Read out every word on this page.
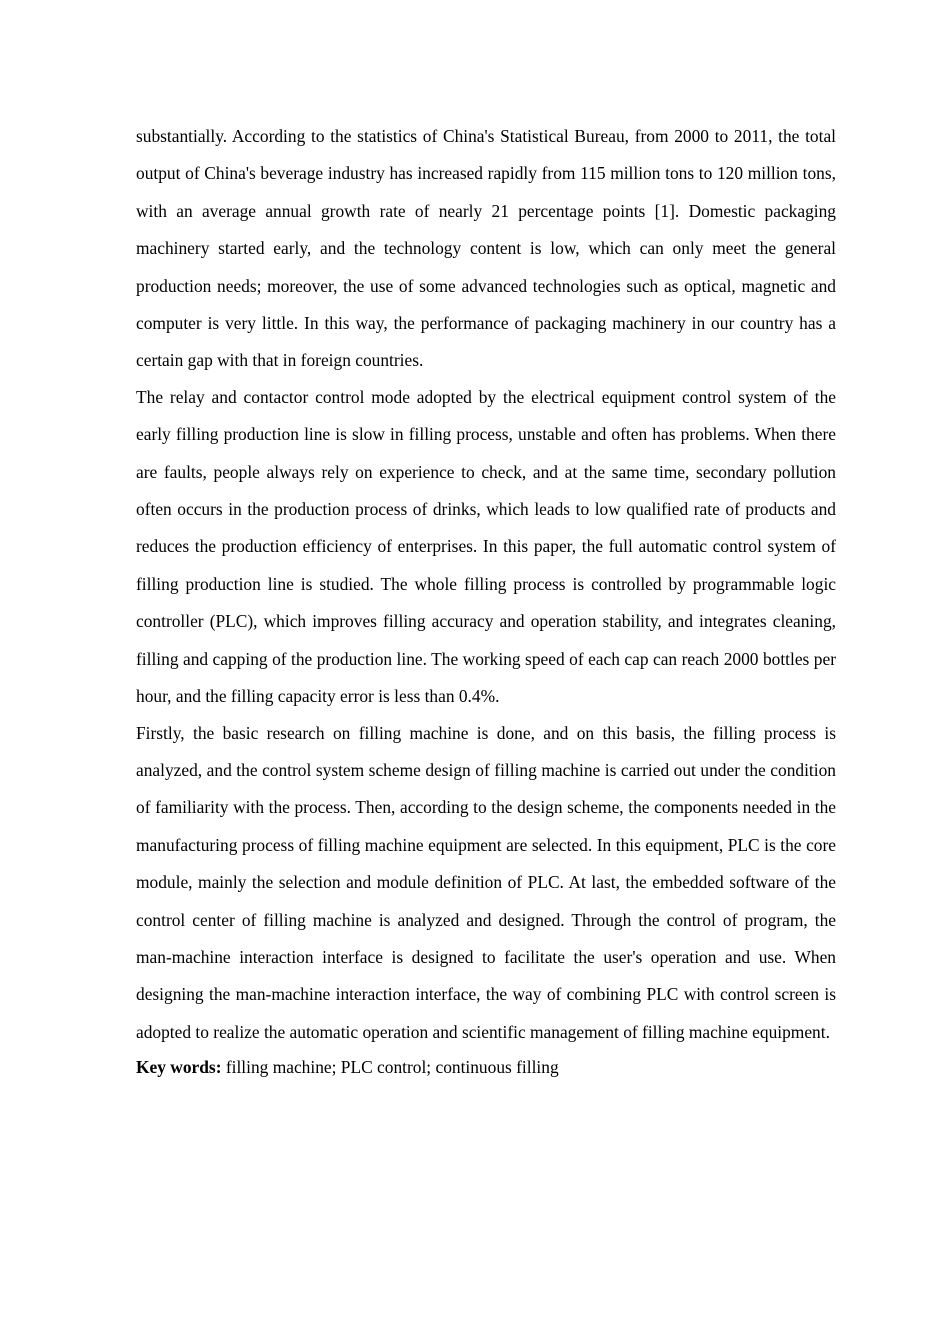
substantially. According to the statistics of China's Statistical Bureau, from 2000 to 2011, the total output of China's beverage industry has increased rapidly from 115 million tons to 120 million tons, with an average annual growth rate of nearly 21 percentage points [1]. Domestic packaging machinery started early, and the technology content is low, which can only meet the general production needs; moreover, the use of some advanced technologies such as optical, magnetic and computer is very little. In this way, the performance of packaging machinery in our country has a certain gap with that in foreign countries.

The relay and contactor control mode adopted by the electrical equipment control system of the early filling production line is slow in filling process, unstable and often has problems. When there are faults, people always rely on experience to check, and at the same time, secondary pollution often occurs in the production process of drinks, which leads to low qualified rate of products and reduces the production efficiency of enterprises. In this paper, the full automatic control system of filling production line is studied. The whole filling process is controlled by programmable logic controller (PLC), which improves filling accuracy and operation stability, and integrates cleaning, filling and capping of the production line. The working speed of each cap can reach 2000 bottles per hour, and the filling capacity error is less than 0.4%.

Firstly, the basic research on filling machine is done, and on this basis, the filling process is analyzed, and the control system scheme design of filling machine is carried out under the condition of familiarity with the process. Then, according to the design scheme, the components needed in the manufacturing process of filling machine equipment are selected. In this equipment, PLC is the core module, mainly the selection and module definition of PLC. At last, the embedded software of the control center of filling machine is analyzed and designed. Through the control of program, the man-machine interaction interface is designed to facilitate the user's operation and use. When designing the man-machine interaction interface, the way of combining PLC with control screen is adopted to realize the automatic operation and scientific management of filling machine equipment.

Key words: filling machine; PLC control; continuous filling
